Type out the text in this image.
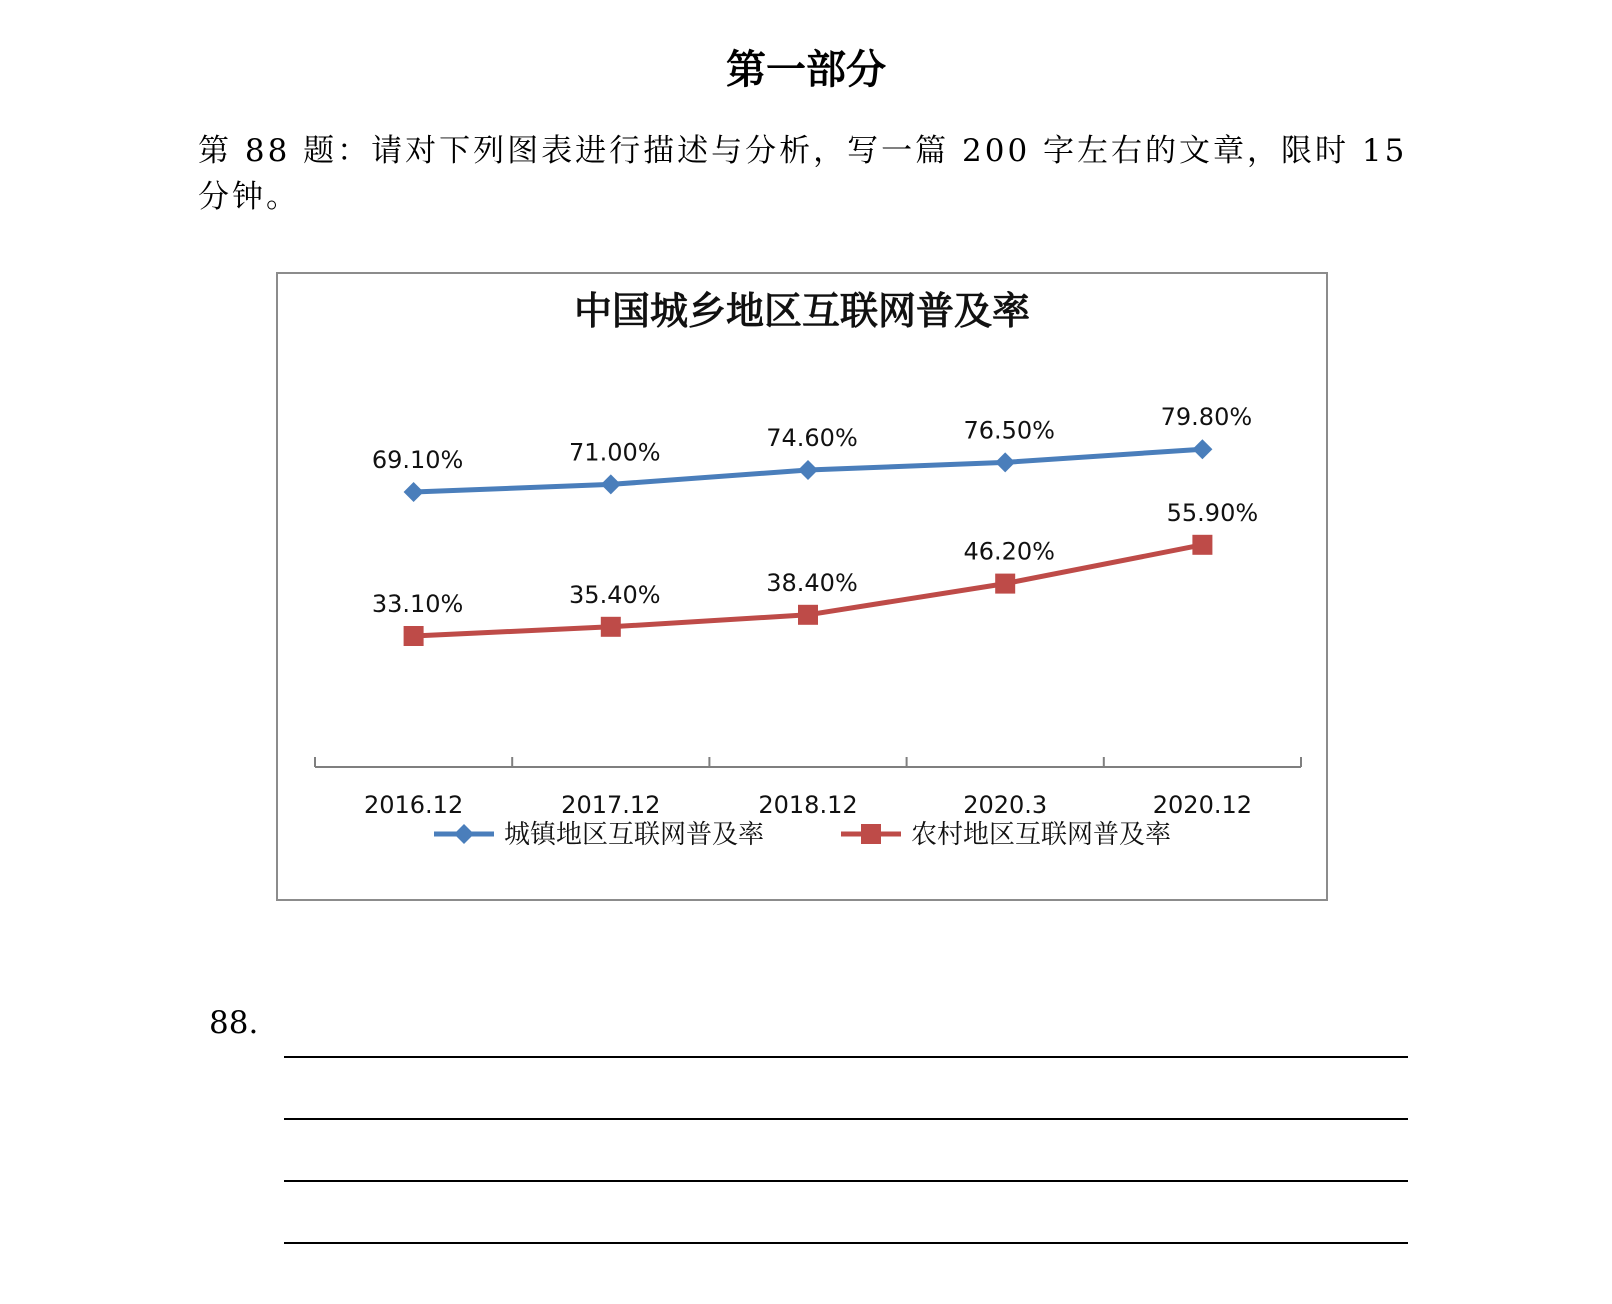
第一部分
第 88 题：请对下列图表进行描述与分析，写一篇 200 字左右的文章，限时 15 分钟。
中国城乡地区互联网普及率
2016.12	2017.12	2018.12	2020.3	2020.12
69.10%	71.00%
74.60%	76.50%	79.80%
33.10%	35.40%	38.40%
46.20%
55.90%
城镇地区互联网普及率	农村地区互联网普及率
88.
